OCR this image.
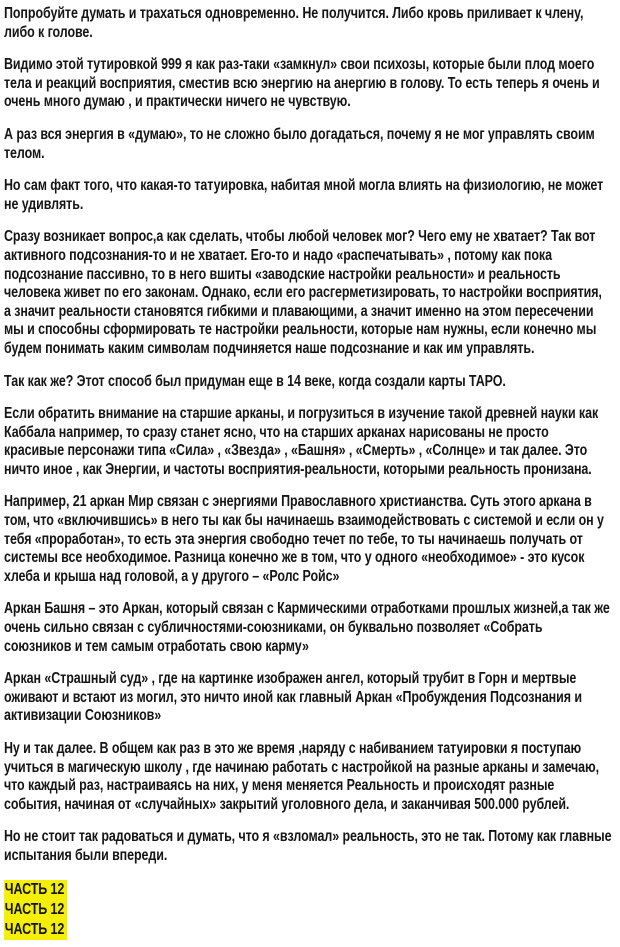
Попробуйте думать и трахаться одновременно. Не получится. Либо кровь приливает к члену, либо к голове.

Видимо этой тутировкой 999 я как раз-таки «замкнул» свои психозы, которые были плод моего тела и реакций восприятия, сместив всю энергию на анергию в голову. То есть теперь я очень и очень много думаю , и практически ничего не чувствую.

А раз вся энергия в «думаю», то не сложно было догадаться, почему я не мог управлять своим телом.

Но сам факт того, что какая-то татуировка, набитая мной могла влиять на физиологию, не может не удивлять.

Сразу возникает вопрос,а как сделать, чтобы любой человек мог? Чего ему не хватает? Так вот активного подсознания-то и не хватает. Его-то и надо «распечатывать» , потому как пока подсознание пассивно, то в него вшиты «заводские настройки реальности» и реальность человека живет по его законам. Однако, если его расгерметизировать, то настройки восприятия, а значит реальности становятся гибкими и плавающими, а значит именно на этом пересечении мы и способны сформировать те настройки реальности, которые нам нужны, если конечно мы будем понимать каким символам подчиняется наше подсознание и как им управлять.

Так как же? Этот способ был придуман еще в 14 веке, когда создали карты ТАРО.

Если обратить внимание на старшие арканы, и погрузиться в изучение такой древней науки как Каббала например, то сразу станет ясно, что на старших арканах нарисованы не просто красивые персонажи типа «Сила» , «Звезда» , «Башня» , «Смерть» , «Солнце» и так далее. Это ничто иное , как Энергии, и частоты восприятия-реальности, которыми реальность пронизана.

Например, 21 аркан Мир связан с энергиями Православного христианства. Суть этого аркана в том, что «включившись» в него ты как бы начинаешь взаимодействовать с системой и если он у тебя «проработан», то есть эта энергия свободно течет по тебе, то ты начинаешь получать от системы все необходимое. Разница конечно же в том, что у одного «необходимое» - это кусок хлеба и крыша над головой, а у другого – «Ролс Ройс»

Аркан Башня – это Аркан, который связан с Кармическими отработками прошлых жизней,а так же очень сильно связан с субличностями-союзниками, он буквально позволяет «Собрать союзников и тем самым отработать свою карму»

Аркан «Страшный суд» , где на картинке изображен ангел, который трубит в Горн и мертвые оживают и встают из могил, это ничто иной как главный Аркан «Пробуждения Подсознания и активизации Союзников»

Ну и так далее. В общем как раз в это же время ,наряду с набиванием татуировки я поступаю учиться в магическую школу , где начинаю работать с настройкой на разные арканы и замечаю, что каждый раз, настраиваясь на них, у меня меняется Реальность и происходят разные события, начиная от «случайных» закрытий уголовного дела, и заканчивая 500.000 рублей.

Но не стоит так радоваться и думать, что я «взломал» реальность, это не так. Потому как главные испытания были впереди.

ЧАСТЬ 12
ЧАСТЬ 12
ЧАСТЬ 12
